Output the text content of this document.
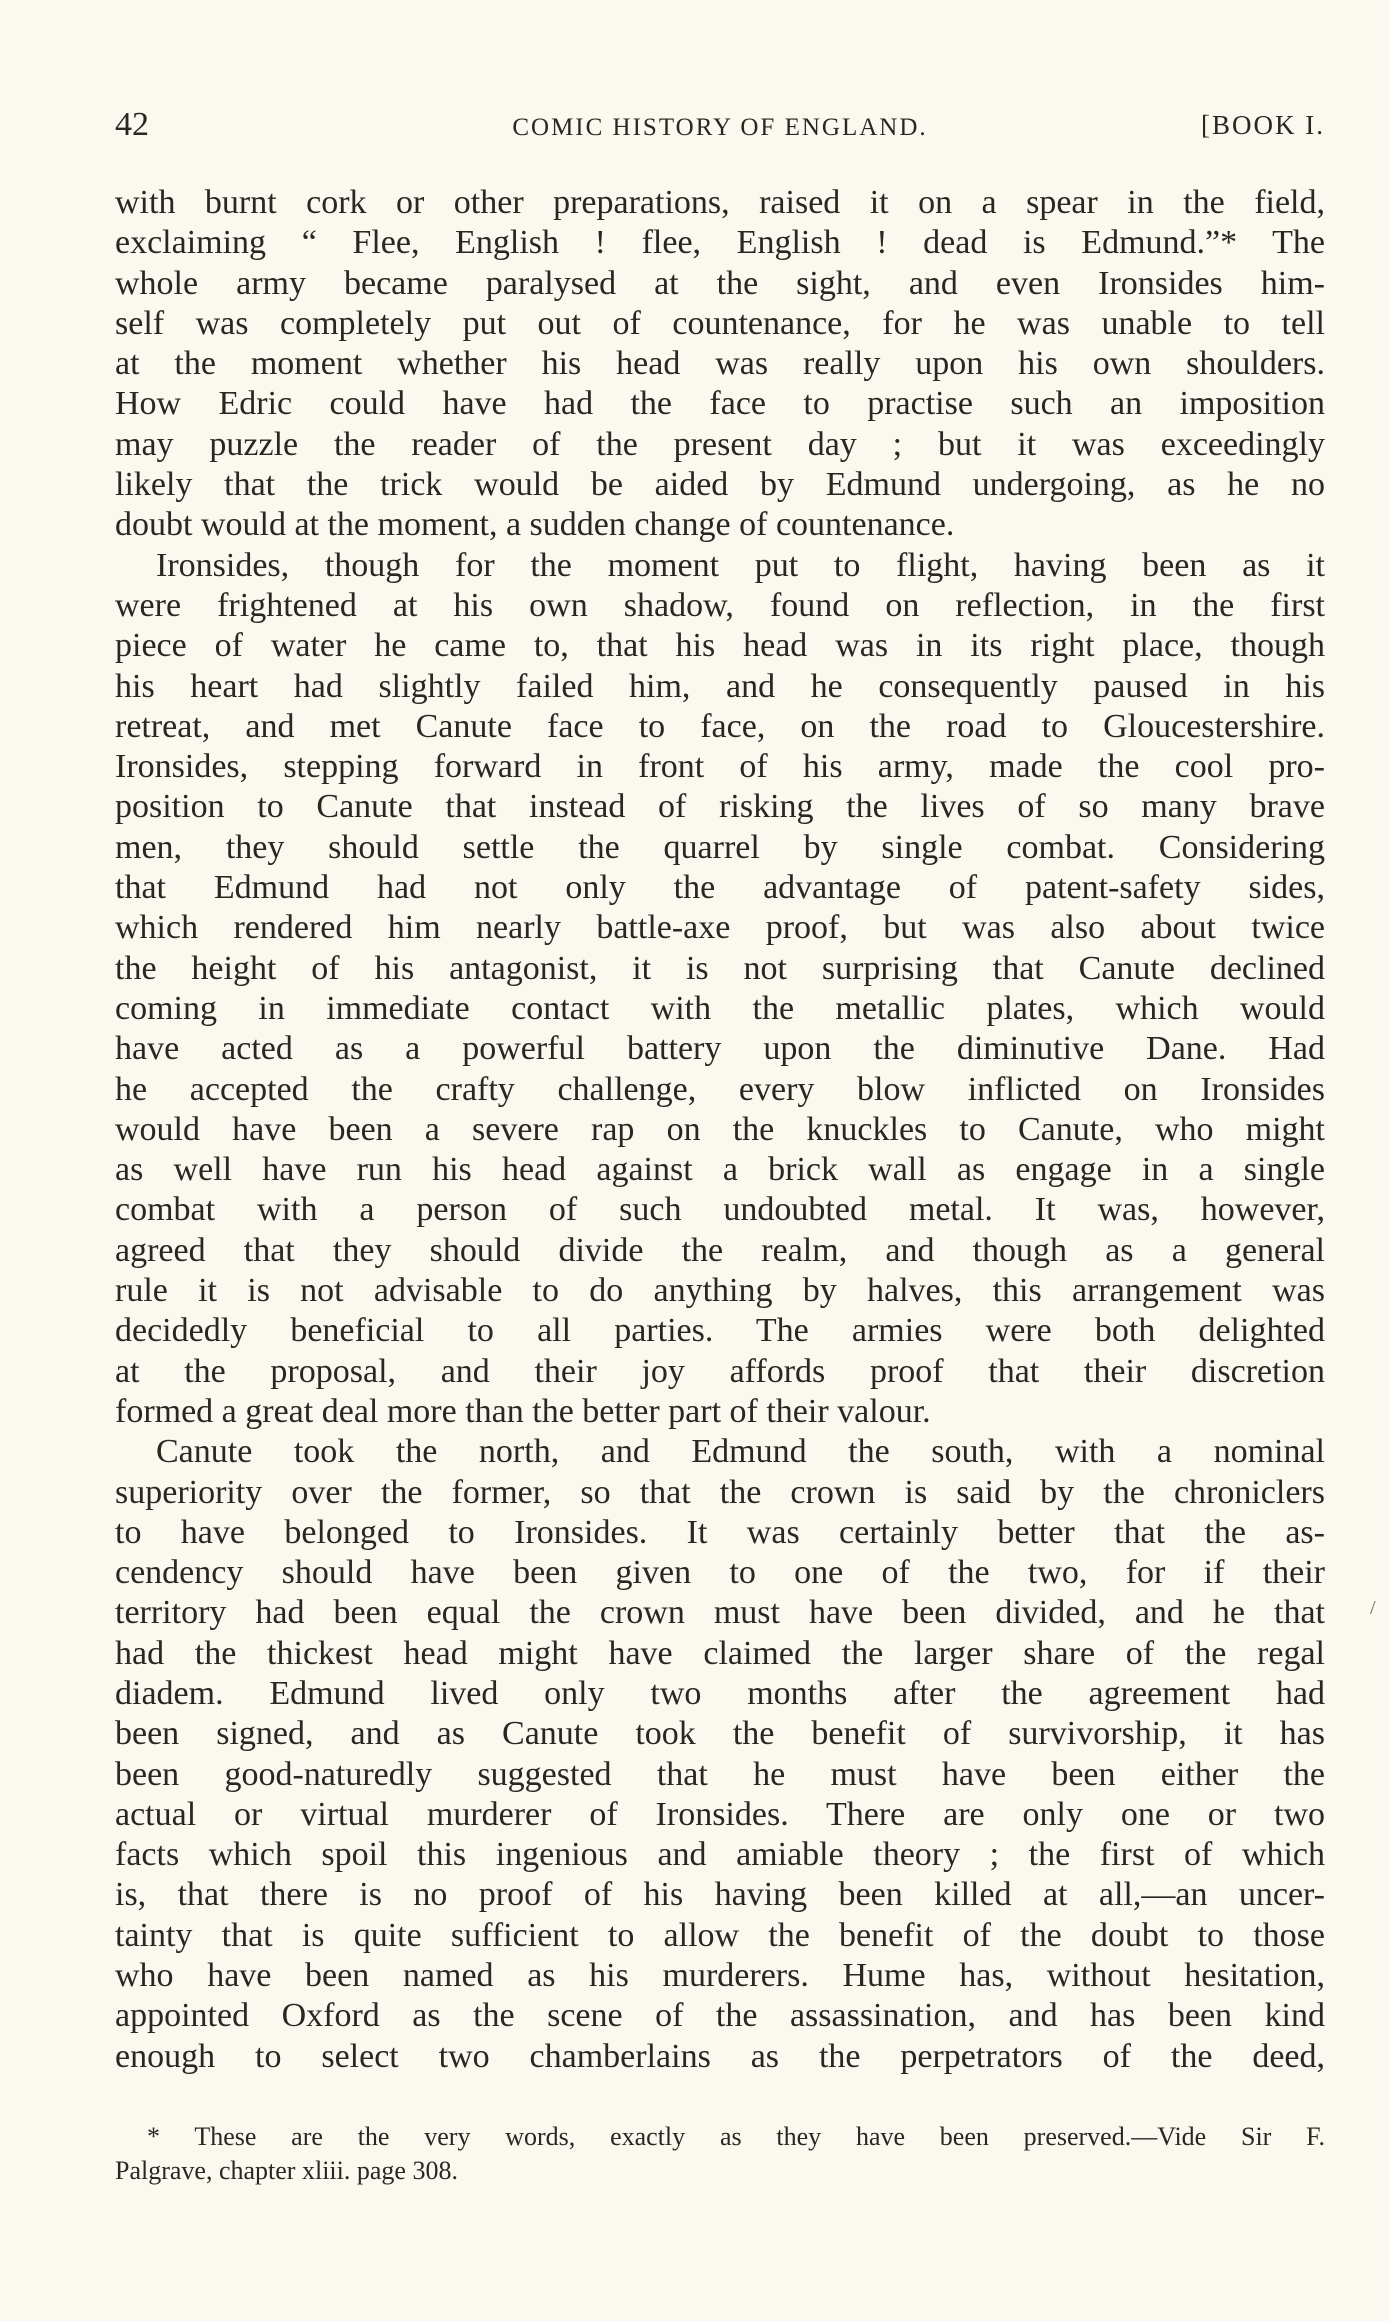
42	COMIC HISTORY OF ENGLAND.	[BOOK I.
with burnt cork or other preparations, raised it on a spear in the field,
exclaiming “ Flee, English ! flee, English ! dead is Edmund.”* The
whole army became paralysed at the sight, and even Ironsides him-
self was completely put out of countenance, for he was unable to tell
at the moment whether his head was really upon his own shoulders.
How Edric could have had the face to practise such an imposition
may puzzle the reader of the present day ; but it was exceedingly
likely that the trick would be aided by Edmund undergoing, as he no
doubt would at the moment, a sudden change of countenance.
Ironsides, though for the moment put to flight, having been as it
were frightened at his own shadow, found on reflection, in the first
piece of water he came to, that his head was in its right place, though
his heart had slightly failed him, and he consequently paused in his
retreat, and met Canute face to face, on the road to Gloucestershire.
Ironsides, stepping forward in front of his army, made the cool pro-
position to Canute that instead of risking the lives of so many brave
men, they should settle the quarrel by single combat. Considering
that Edmund had not only the advantage of patent-safety sides,
which rendered him nearly battle-axe proof, but was also about twice
the height of his antagonist, it is not surprising that Canute declined
coming in immediate contact with the metallic plates, which would
have acted as a powerful battery upon the diminutive Dane. Had
he accepted the crafty challenge, every blow inflicted on Ironsides
would have been a severe rap on the knuckles to Canute, who might
as well have run his head against a brick wall as engage in a single
combat with a person of such undoubted metal. It was, however,
agreed that they should divide the realm, and though as a general
rule it is not advisable to do anything by halves, this arrangement was
decidedly beneficial to all parties. The armies were both delighted
at the proposal, and their joy affords proof that their discretion
formed a great deal more than the better part of their valour.
Canute took the north, and Edmund the south, with a nominal
superiority over the former, so that the crown is said by the chroniclers
to have belonged to Ironsides. It was certainly better that the as-
cendency should have been given to one of the two, for if their
territory had been equal the crown must have been divided, and he that
had the thickest head might have claimed the larger share of the regal
diadem. Edmund lived only two months after the agreement had
been signed, and as Canute took the benefit of survivorship, it has
been good-naturedly suggested that he must have been either the
actual or virtual murderer of Ironsides. There are only one or two
facts which spoil this ingenious and amiable theory ; the first of which
is, that there is no proof of his having been killed at all,—an uncer-
tainty that is quite sufficient to allow the benefit of the doubt to those
who have been named as his murderers. Hume has, without hesitation,
appointed Oxford as the scene of the assassination, and has been kind
enough to select two chamberlains as the perpetrators of the deed,
/
* These are the very words, exactly as they have been preserved.—Vide Sir F.
Palgrave, chapter xliii. page 308.
